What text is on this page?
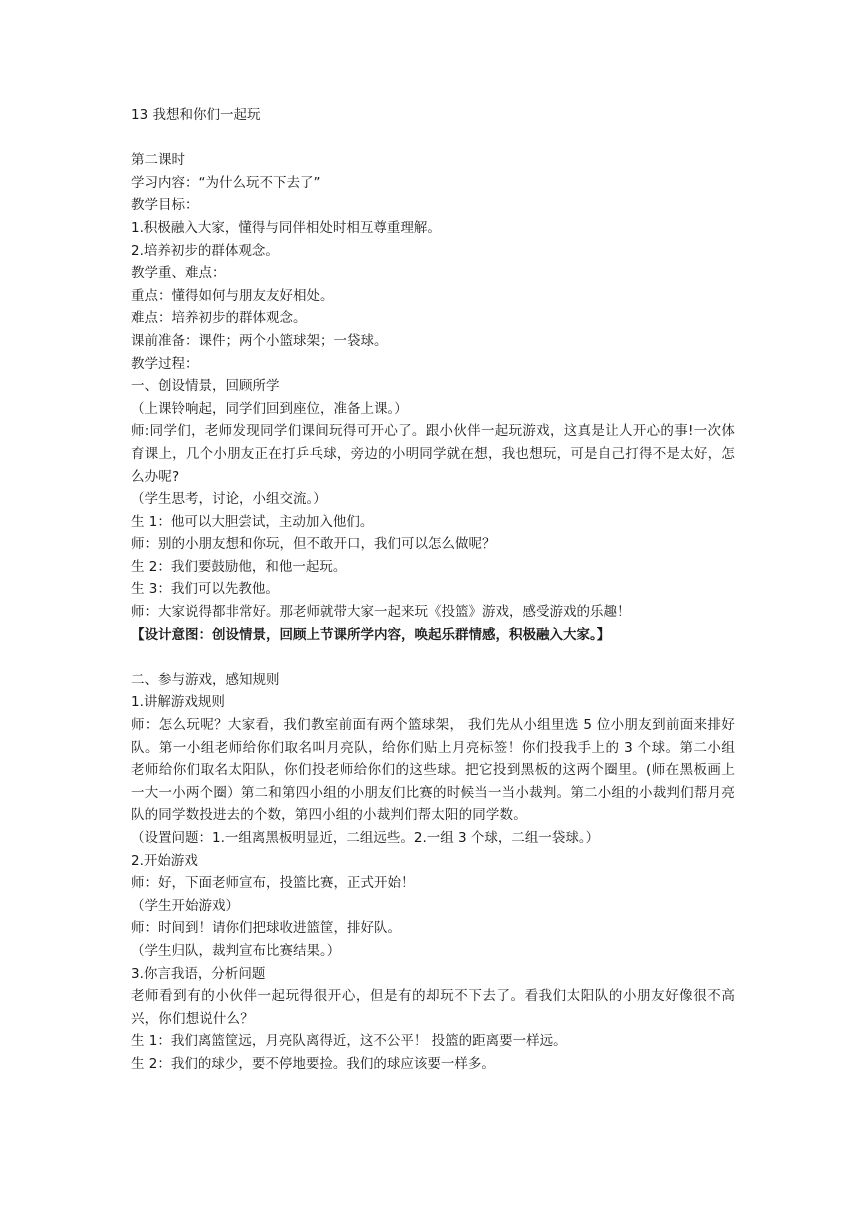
13 我想和你们一起玩
第二课时
学习内容：“为什么玩不下去了”
教学目标：
1.积极融入大家，懂得与同伴相处时相互尊重理解。
2.培养初步的群体观念。
教学重、难点：
重点：懂得如何与朋友友好相处。
难点：培养初步的群体观念。
课前准备：课件；两个小篮球架；一袋球。
教学过程：
一、创设情景，回顾所学
（上课铃响起，同学们回到座位，准备上课。）
师:同学们，老师发现同学们课间玩得可开心了。跟小伙伴一起玩游戏，这真是让人开心的事!一次体育课上，几个小朋友正在打乒乓球，旁边的小明同学就在想，我也想玩，可是自己打得不是太好，怎么办呢?
（学生思考，讨论，小组交流。）
生 1：他可以大胆尝试，主动加入他们。
师：别的小朋友想和你玩，但不敢开口，我们可以怎么做呢？
生 2：我们要鼓励他，和他一起玩。
生 3：我们可以先教他。
师：大家说得都非常好。那老师就带大家一起来玩《投篮》游戏，感受游戏的乐趣！
【设计意图：创设情景，回顾上节课所学内容，唤起乐群情感，积极融入大家。】
二、参与游戏，感知规则
1.讲解游戏规则
师：怎么玩呢？大家看，我们教室前面有两个篮球架， 我们先从小组里选 5 位小朋友到前面来排好队。第一小组老师给你们取名叫月亮队，给你们贴上月亮标签！你们投我手上的 3 个球。第二小组老师给你们取名太阳队，你们投老师给你们的这些球。把它投到黑板的这两个圈里。(师在黑板画上一大一小两个圈）第二和第四小组的小朋友们比赛的时候当一当小裁判。第二小组的小裁判们帮月亮队的同学数投进去的个数，第四小组的小裁判们帮太阳的同学数。
（设置问题：1.一组离黑板明显近，二组远些。2.一组 3 个球，二组一袋球。）
2.开始游戏
师：好，下面老师宣布，投篮比赛，正式开始！
（学生开始游戏）
师：时间到！请你们把球收进篮筐，排好队。
（学生归队，裁判宣布比赛结果。）
3.你言我语，分析问题
老师看到有的小伙伴一起玩得很开心，但是有的却玩不下去了。看我们太阳队的小朋友好像很不高兴，你们想说什么？
生 1：我们离篮筐远，月亮队离得近，这不公平！ 投篮的距离要一样远。
生 2：我们的球少，要不停地要捡。我们的球应该要一样多。
